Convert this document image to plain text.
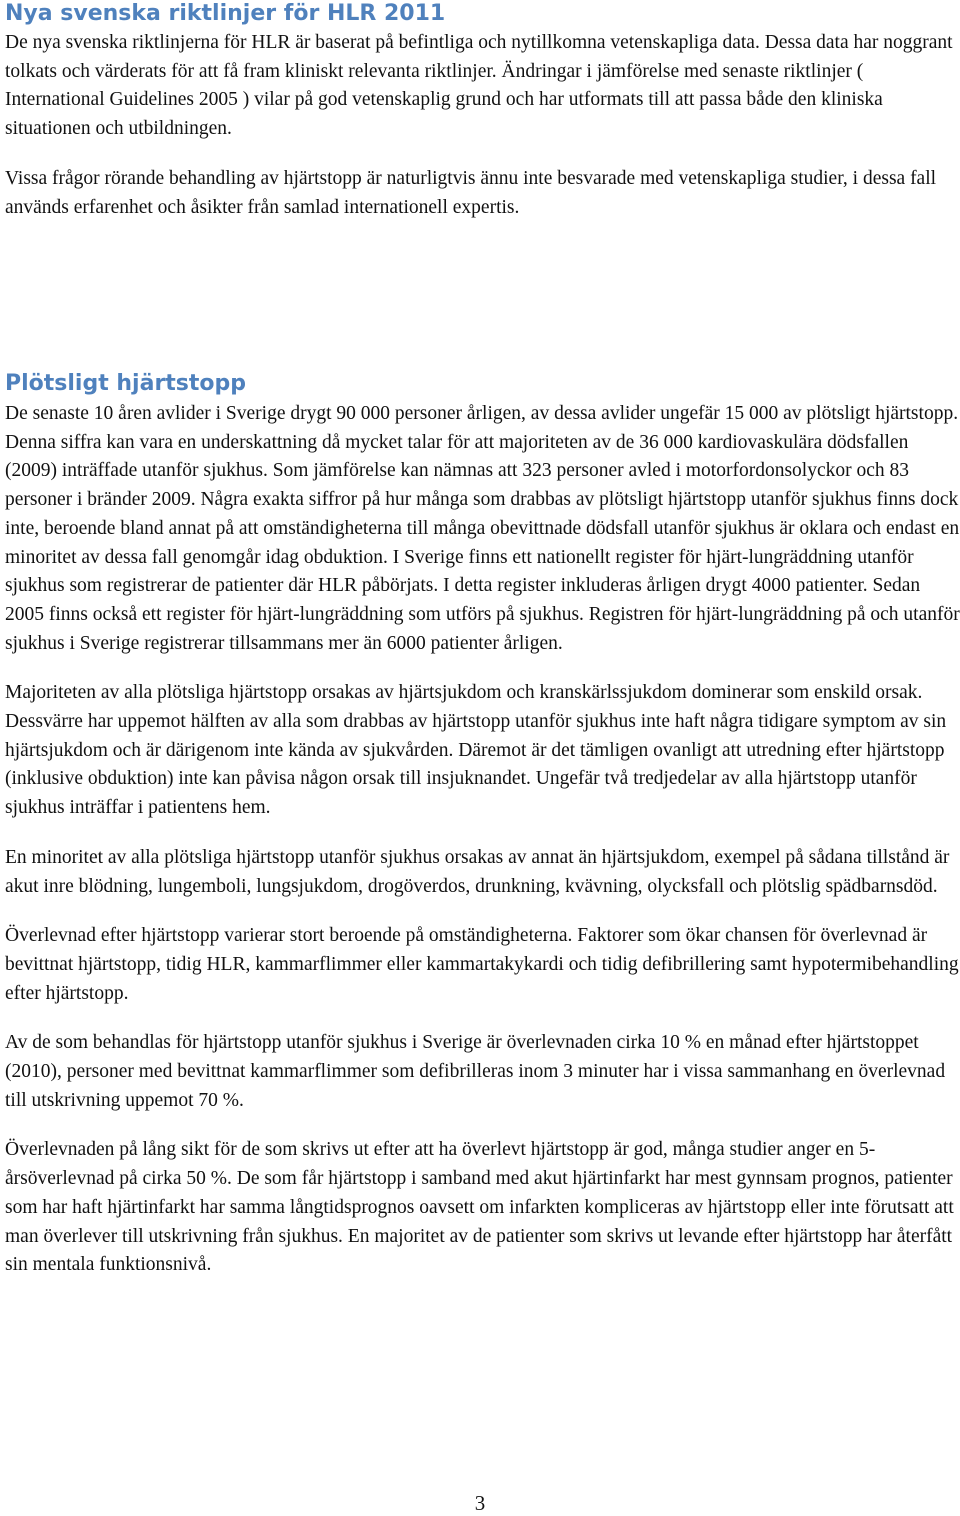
Nya svenska riktlinjer för HLR 2011

De nya svenska riktlinjerna för HLR är baserat på befintliga och nytillkomna vetenskapliga data. Dessa data har noggrant tolkats och värderats för att få fram kliniskt relevanta riktlinjer. Ändringar i jämförelse med senaste riktlinjer ( International Guidelines 2005 ) vilar på god vetenskaplig grund och har utformats till att passa både den kliniska situationen och utbildningen.

Vissa frågor rörande behandling av hjärtstopp är naturligtvis ännu inte besvarade med vetenskapliga studier, i dessa fall används erfarenhet och åsikter från samlad internationell expertis.

Plötsligt hjärtstopp

De senaste 10 åren avlider i Sverige drygt 90 000 personer årligen, av dessa avlider ungefär 15 000 av plötsligt hjärtstopp. Denna siffra kan vara en underskattning då mycket talar för att majoriteten av de 36 000 kardiovaskulära dödsfallen (2009) inträffade utanför sjukhus. Som jämförelse kan nämnas att 323 personer avled i motorfordonsolyckor och 83 personer i bränder 2009. Några exakta siffror på hur många som drabbas av plötsligt hjärtstopp utanför sjukhus finns dock inte, beroende bland annat på att omständigheterna till många obevittnade dödsfall utanför sjukhus är oklara och endast en minoritet av dessa fall genomgår idag obduktion. I Sverige finns ett nationellt register för hjärt-lungräddning utanför sjukhus som registrerar de patienter där HLR påbörjats. I detta register inkluderas årligen drygt 4000 patienter. Sedan 2005 finns också ett register för hjärt-lungräddning som utförs på sjukhus. Registren för hjärt-lungräddning på och utanför sjukhus i Sverige registrerar tillsammans mer än 6000 patienter årligen.

Majoriteten av alla plötsliga hjärtstopp orsakas av hjärtsjukdom och kranskärlssjukdom dominerar som enskild orsak. Dessvärre har uppemot hälften av alla som drabbas av hjärtstopp utanför sjukhus inte haft några tidigare symptom av sin hjärtsjukdom och är därigenom inte kända av sjukvården. Däremot är det tämligen ovanligt att utredning efter hjärtstopp (inklusive obduktion) inte kan påvisa någon orsak till insjuknandet. Ungefär två tredjedelar av alla hjärtstopp utanför sjukhus inträffar i patientens hem.

En minoritet av alla plötsliga hjärtstopp utanför sjukhus orsakas av annat än hjärtsjukdom, exempel på sådana tillstånd är akut inre blödning, lungemboli, lungsjukdom, drogöverdos, drunkning, kvävning, olycksfall och plötslig spädbarnsdöd.

Överlevnad efter hjärtstopp varierar stort beroende på omständigheterna. Faktorer som ökar chansen för överlevnad är bevittnat hjärtstopp, tidig HLR, kammarflimmer eller kammartakykardi och tidig defibrillering samt hypotermibehandling efter hjärtstopp.

Av de som behandlas för hjärtstopp utanför sjukhus i Sverige är överlevnaden cirka 10 % en månad efter hjärtstoppet (2010), personer med bevittnat kammarflimmer som defibrilleras inom 3 minuter har i vissa sammanhang en överlevnad till utskrivning uppemot 70 %.

Överlevnaden på lång sikt för de som skrivs ut efter att ha överlevt hjärtstopp är god, många studier anger en 5-årsöverlevnad på cirka 50 %. De som får hjärtstopp i samband med akut hjärtinfarkt har mest gynnsam prognos, patienter som har haft hjärtinfarkt har samma långtidsprognos oavsett om infarkten kompliceras av hjärtstopp eller inte förutsatt att man överlever till utskrivning från sjukhus. En majoritet av de patienter som skrivs ut levande efter hjärtstopp har återfått sin mentala funktionsnivå.

3
